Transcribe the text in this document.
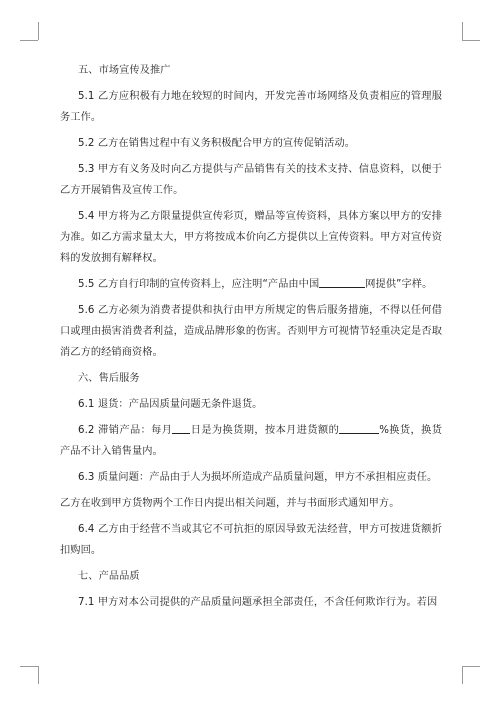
五、市场宣传及推广

5.1 乙方应积极有力地在较短的时间内，开发完善市场网络及负责相应的管理服务工作。

5.2 乙方在销售过程中有义务积极配合甲方的宣传促销活动。

5.3 甲方有义务及时向乙方提供与产品销售有关的技术支持、信息资料，以便于乙方开展销售及宣传工作。

5.4 甲方将为乙方限量提供宣传彩页，赠品等宣传资料，具体方案以甲方的安排为准。如乙方需求量太大，甲方将按成本价向乙方提供以上宣传资料。甲方对宣传资料的发放拥有解释权。

5.5 乙方自行印制的宣传资料上，应注明“产品由中国	网提供”字样。

5.6 乙方必须为消费者提供和执行由甲方所规定的售后服务措施，不得以任何借口或理由损害消费者利益，造成品牌形象的伤害。否则甲方可视情节轻重决定是否取消乙方的经销商资格。

六、售后服务

6.1 退货：产品因质量问题无条件退货。

6.2 滞销产品：每月 日是为换货期，按本月进货额的	%换货，换货产品不计入销售量内。

6.3 质量问题：产品由于人为损坏所造成产品质量问题，甲方不承担相应责任。

乙方在收到甲方货物两个工作日内提出相关问题，并与书面形式通知甲方。

6.4 乙方由于经营不当或其它不可抗拒的原因导致无法经营，甲方可按进货额折扣购回。

七、产品品质

7.1 甲方对本公司提供的产品质量问题承担全部责任，不含任何欺诈行为。若因
